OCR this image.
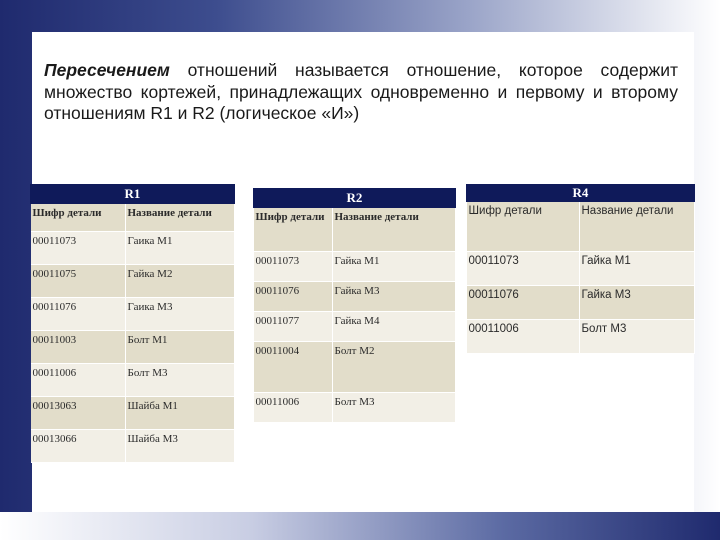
Пересечением отношений называется отношение, которое содержит множество кортежей, принадлежащих одновременно и первому и второму отношениям R1 и R2 (логическое «И»)
R1	
Шифр детали	Название детали
00011073	Гаика М1
00011075	Гайка М2
00011076	Гаика М3
00011003	Болт М1
00011006	Болт М3
00013063	Шайба М1
00013066	Шайба М3
R2	
Шифр детали	Название детали
00011073	Гайка М1
00011076	Гайка М3
00011077	Гайка М4
00011004	Болт М2
00011006	Болт М3
R4	
Шифр детали	Название детали
00011073	Гайка М1
00011076	Гайка М3
00011006	Болт М3
